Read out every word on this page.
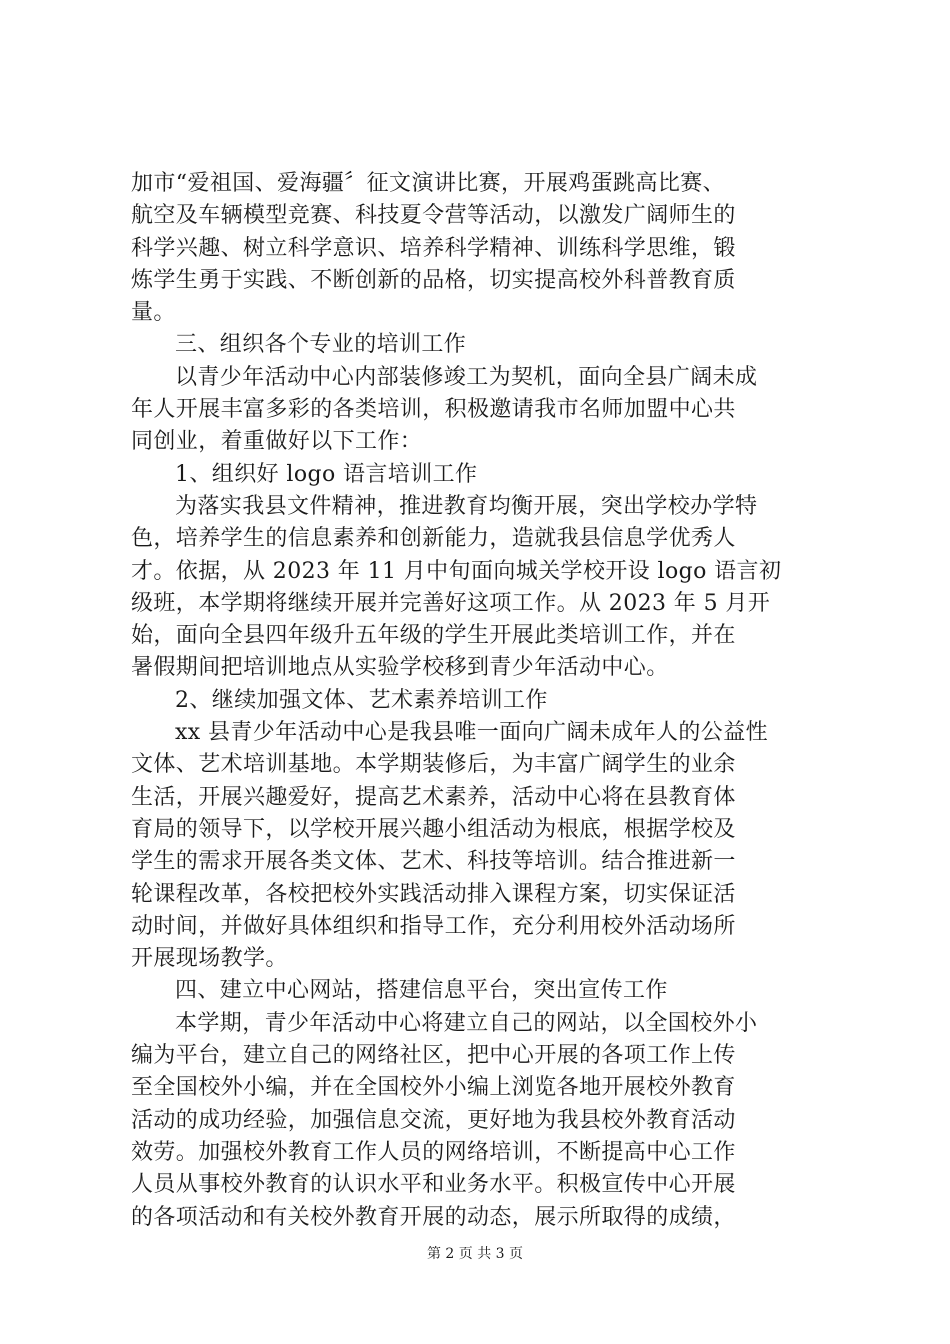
加市“爱祖国、爱海疆〞征文演讲比赛，开展鸡蛋跳高比赛、
航空及车辆模型竞赛、科技夏令营等活动，以激发广阔师生的
科学兴趣、树立科学意识、培养科学精神、训练科学思维，锻
炼学生勇于实践、不断创新的品格，切实提高校外科普教育质
量。
三、组织各个专业的培训工作
以青少年活动中心内部装修竣工为契机，面向全县广阔未成
年人开展丰富多彩的各类培训，积极邀请我市名师加盟中心共
同创业，着重做好以下工作：
1、组织好 logo 语言培训工作
为落实我县文件精神，推进教育均衡开展，突出学校办学特
色，培养学生的信息素养和创新能力，造就我县信息学优秀人
才。依据，从 2023 年 11 月中旬面向城关学校开设 logo 语言初
级班，本学期将继续开展并完善好这项工作。从 2023 年 5 月开
始，面向全县四年级升五年级的学生开展此类培训工作，并在
暑假期间把培训地点从实验学校移到青少年活动中心。
2、继续加强文体、艺术素养培训工作
xx 县青少年活动中心是我县唯一面向广阔未成年人的公益性
文体、艺术培训基地。本学期装修后，为丰富广阔学生的业余
生活，开展兴趣爱好，提高艺术素养，活动中心将在县教育体
育局的领导下，以学校开展兴趣小组活动为根底，根据学校及
学生的需求开展各类文体、艺术、科技等培训。结合推进新一
轮课程改革，各校把校外实践活动排入课程方案，切实保证活
动时间，并做好具体组织和指导工作，充分利用校外活动场所
开展现场教学。
四、建立中心网站，搭建信息平台，突出宣传工作
本学期，青少年活动中心将建立自己的网站，以全国校外小
编为平台，建立自己的网络社区，把中心开展的各项工作上传
至全国校外小编，并在全国校外小编上浏览各地开展校外教育
活动的成功经验，加强信息交流，更好地为我县校外教育活动
效劳。加强校外教育工作人员的网络培训，不断提高中心工作
人员从事校外教育的认识水平和业务水平。积极宣传中心开展
的各项活动和有关校外教育开展的动态，展示所取得的成绩，
第 2 页 共 3 页
